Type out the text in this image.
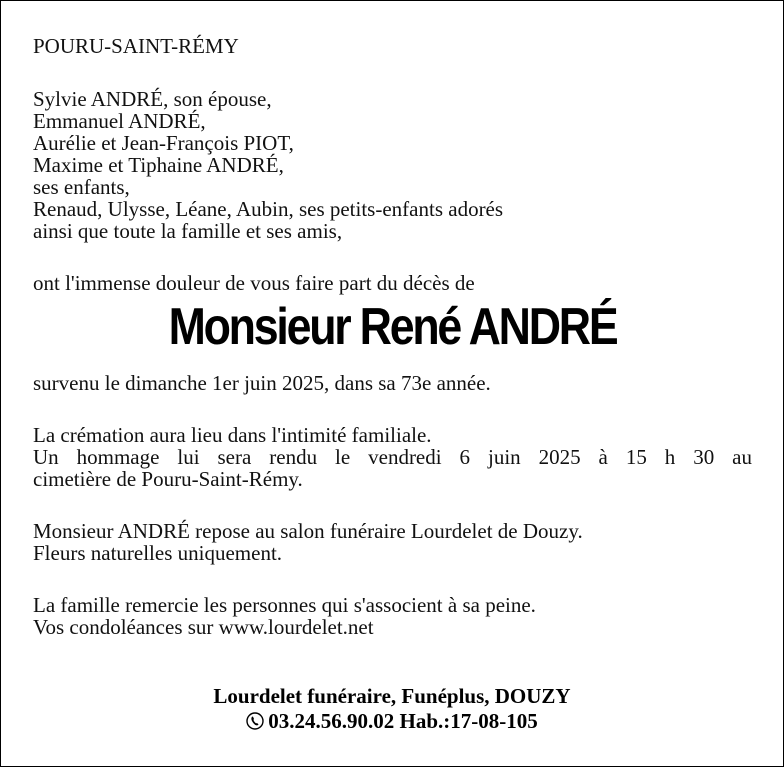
POURU-SAINT-RÉMY
Sylvie ANDRÉ, son épouse,
Emmanuel ANDRÉ,
Aurélie et Jean-François PIOT,
Maxime et Tiphaine ANDRÉ,
ses enfants,
Renaud, Ulysse, Léane, Aubin, ses petits-enfants adorés
ainsi que toute la famille et ses amis,
ont l'immense douleur de vous faire part du décès de
Monsieur René ANDRÉ
survenu le dimanche 1er juin 2025, dans sa 73e année.
La crémation aura lieu dans l'intimité familiale.
Un hommage lui sera rendu le vendredi 6 juin 2025 à 15 h 30 au
cimetière de Pouru-Saint-Rémy.
Monsieur ANDRÉ repose au salon funéraire Lourdelet de Douzy.
Fleurs naturelles uniquement.
La famille remercie les personnes qui s'associent à sa peine.
Vos condoléances sur www.lourdelet.net
Lourdelet funéraire, Funéplus, DOUZY
03.24.56.90.02 Hab.:17-08-105
